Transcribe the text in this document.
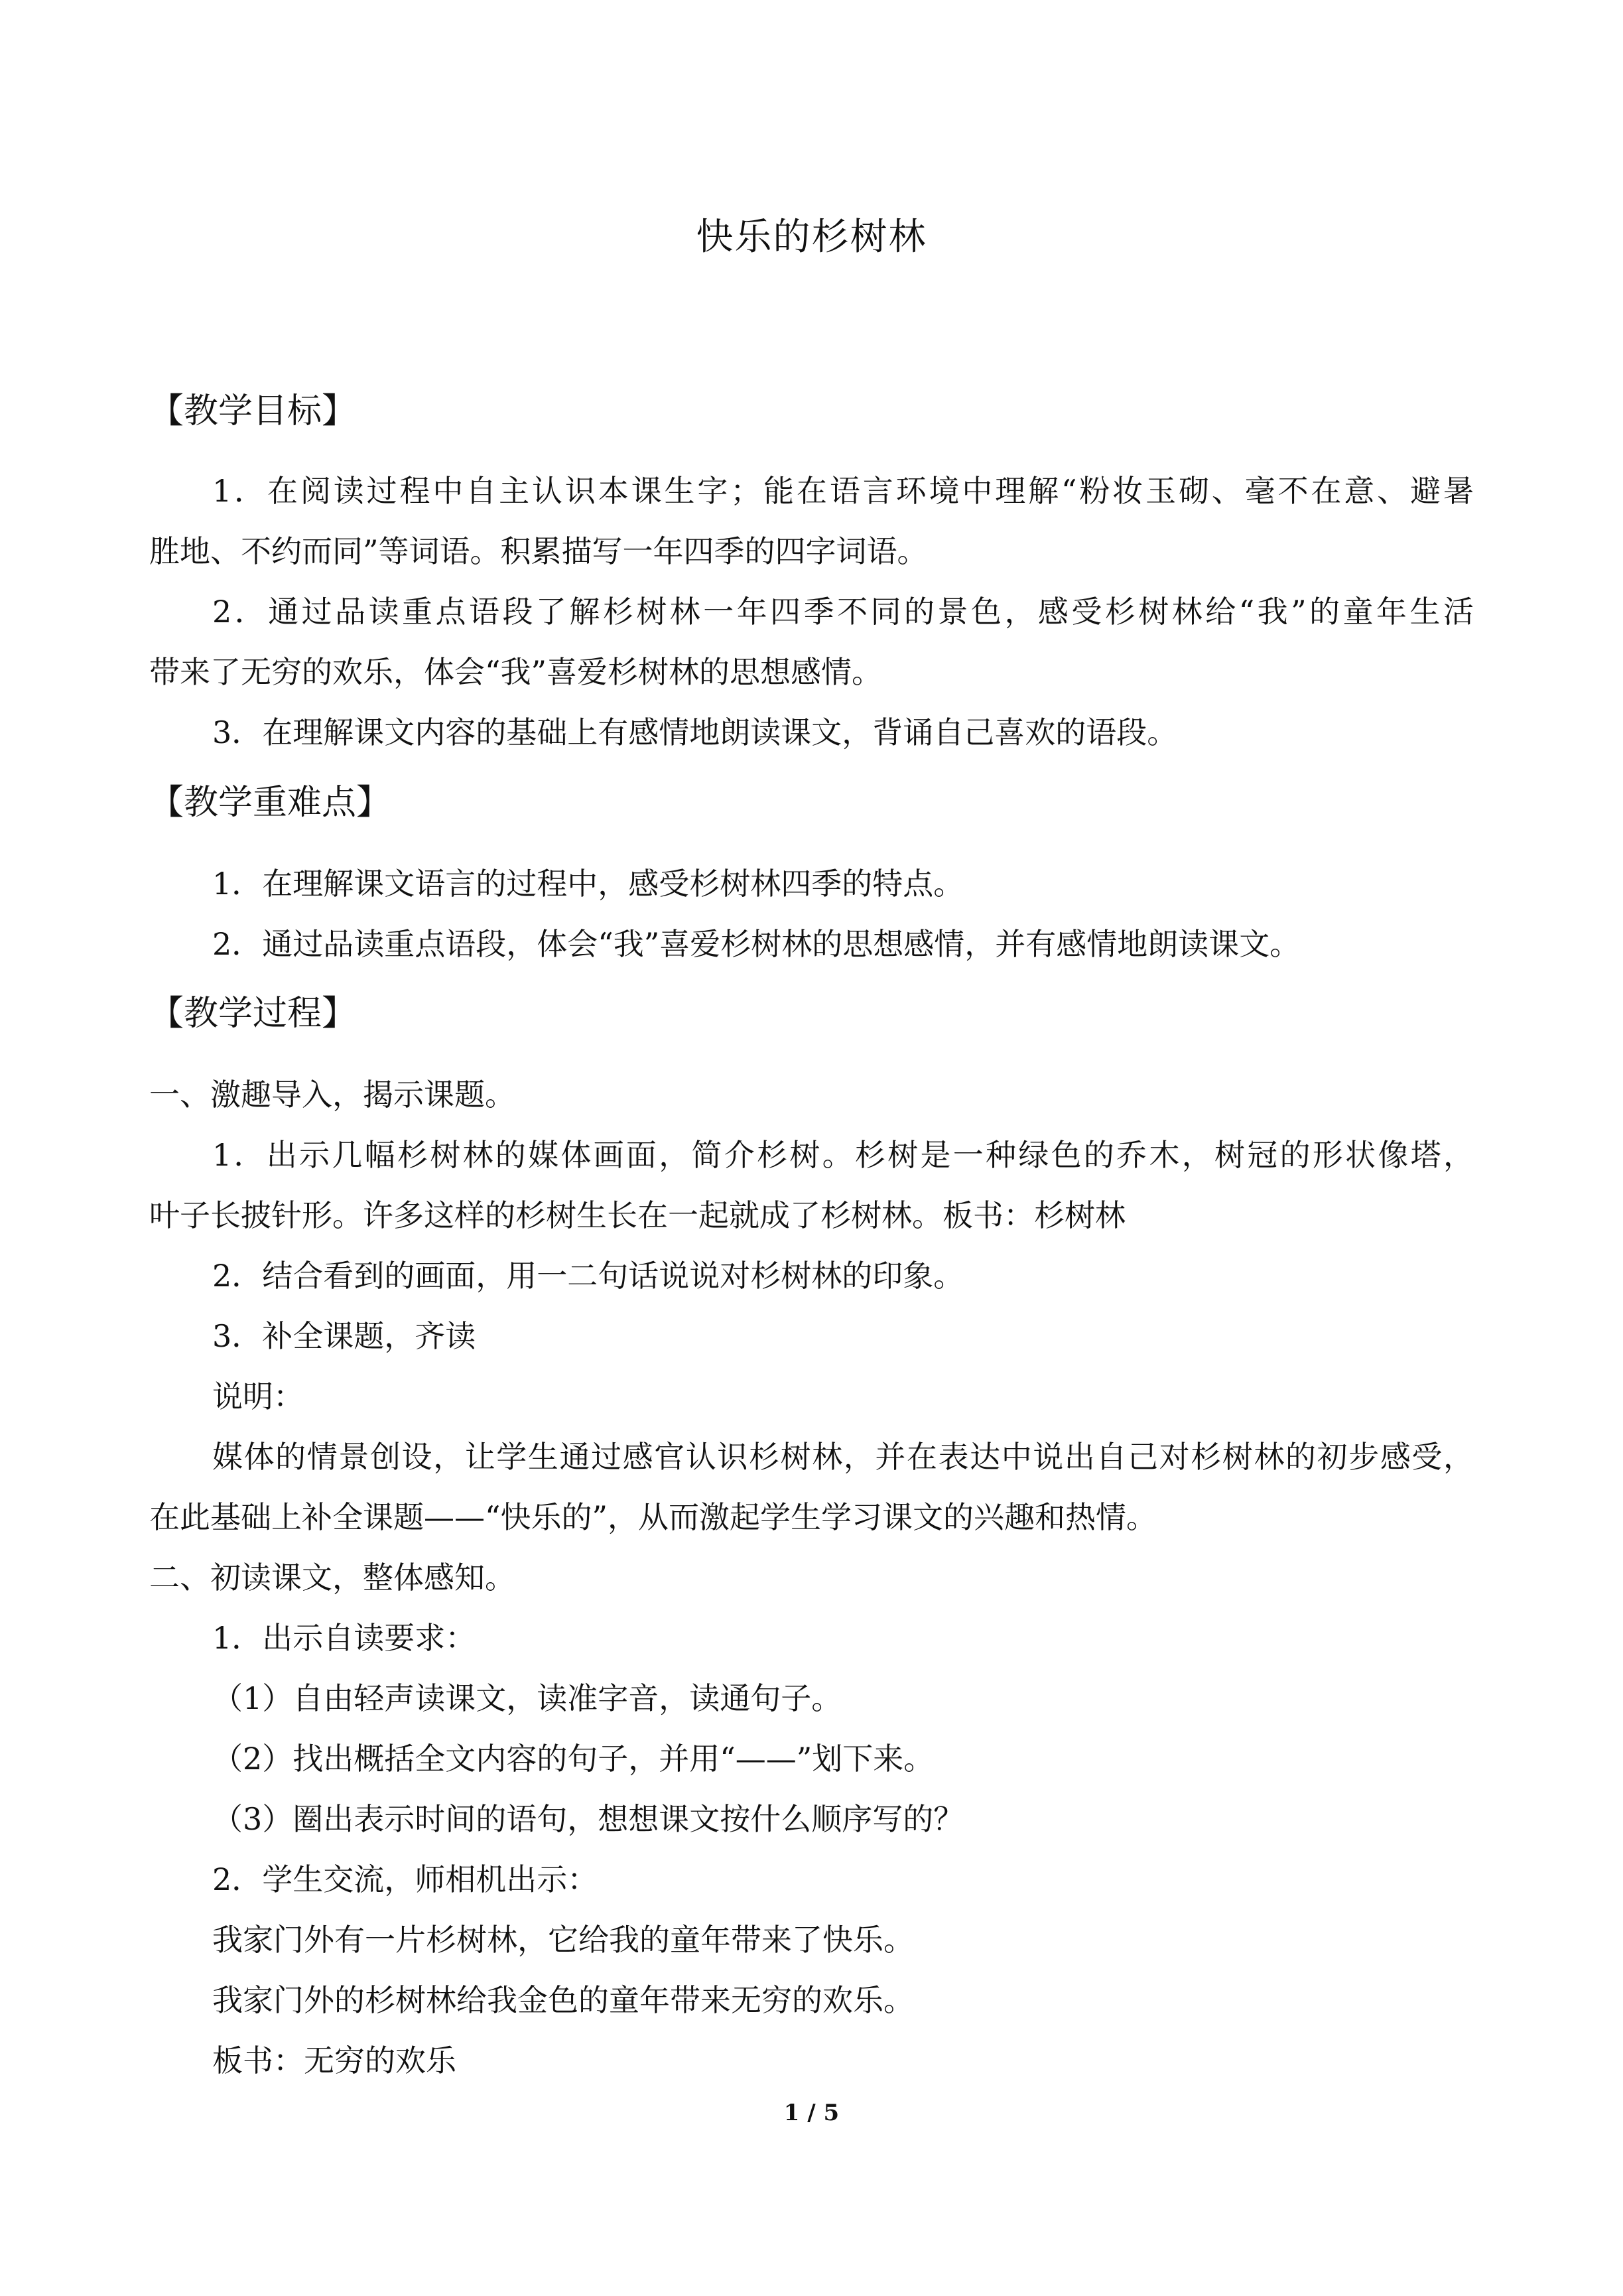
快乐的杉树林
【教学目标】
1．在阅读过程中自主认识本课生字；能在语言环境中理解“粉妆玉砌、毫不在意、避暑
胜地、不约而同”等词语。积累描写一年四季的四字词语。
2．通过品读重点语段了解杉树林一年四季不同的景色，感受杉树林给“我”的童年生活
带来了无穷的欢乐，体会“我”喜爱杉树林的思想感情。
3．在理解课文内容的基础上有感情地朗读课文，背诵自己喜欢的语段。
【教学重难点】
1．在理解课文语言的过程中，感受杉树林四季的特点。
2．通过品读重点语段，体会“我”喜爱杉树林的思想感情，并有感情地朗读课文。
【教学过程】
一、激趣导入，揭示课题。
1．出示几幅杉树林的媒体画面，简介杉树。杉树是一种绿色的乔木，树冠的形状像塔，
叶子长披针形。许多这样的杉树生长在一起就成了杉树林。板书：杉树林
2．结合看到的画面，用一二句话说说对杉树林的印象。
3．补全课题，齐读
说明：
媒体的情景创设，让学生通过感官认识杉树林，并在表达中说出自己对杉树林的初步感受，
在此基础上补全课题——“快乐的”，从而激起学生学习课文的兴趣和热情。
二、初读课文，整体感知。
1．出示自读要求：
（1）自由轻声读课文，读准字音，读通句子。
（2）找出概括全文内容的句子，并用“——”划下来。
（3）圈出表示时间的语句，想想课文按什么顺序写的？
2．学生交流，师相机出示：
我家门外有一片杉树林，它给我的童年带来了快乐。
我家门外的杉树林给我金色的童年带来无穷的欢乐。
板书：无穷的欢乐
1 / 5
